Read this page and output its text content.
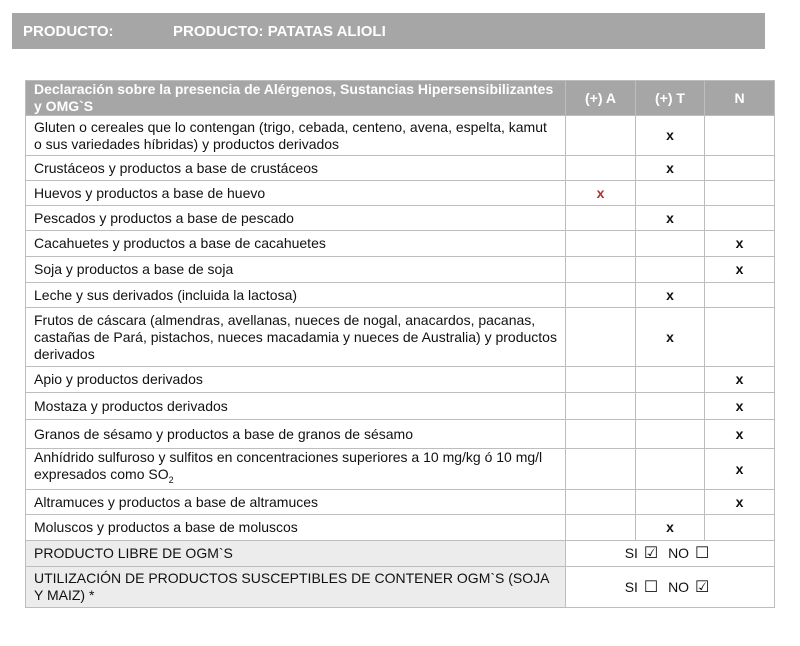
PRODUCTO:	PRODUCTO: PATATAS ALIOLI
Declaración sobre la presencia de Alérgenos, Sustancias Hipersensibilizantes y OMG`S	(+) A	(+) T	N
Gluten o cereales que lo contengan (trigo, cebada, centeno, avena, espelta, kamut o sus variedades híbridas) y productos derivados		x	
Crustáceos y productos a base de crustáceos		x	
Huevos y productos a base de huevo	x		
Pescados y productos a base de pescado		x	
Cacahuetes y productos a base de cacahuetes			x
Soja y productos a base de soja			x
Leche y sus derivados (incluida la lactosa)		x	
Frutos de cáscara (almendras, avellanas, nueces de nogal, anacardos, pacanas, castañas de Pará, pistachos, nueces macadamia y nueces de Australia) y productos derivados		x	
Apio y productos derivados			x
Mostaza y productos derivados			x
Granos de sésamo y productos a base de granos de sésamo			x
Anhídrido sulfuroso y sulfitos en concentraciones superiores a 10 mg/kg ó 10 mg/l expresados como $SO_2$			x
Altramuces y productos a base de altramuces			x
Moluscos y productos a base de moluscos		x	
PRODUCTO LIBRE DE OGM`S	SI ☑ NO ☐		
UTILIZACIÓN DE PRODUCTOS SUSCEPTIBLES DE CONTENER OGM`S (SOJA Y MAIZ) *	SI ☐ NO ☑		
